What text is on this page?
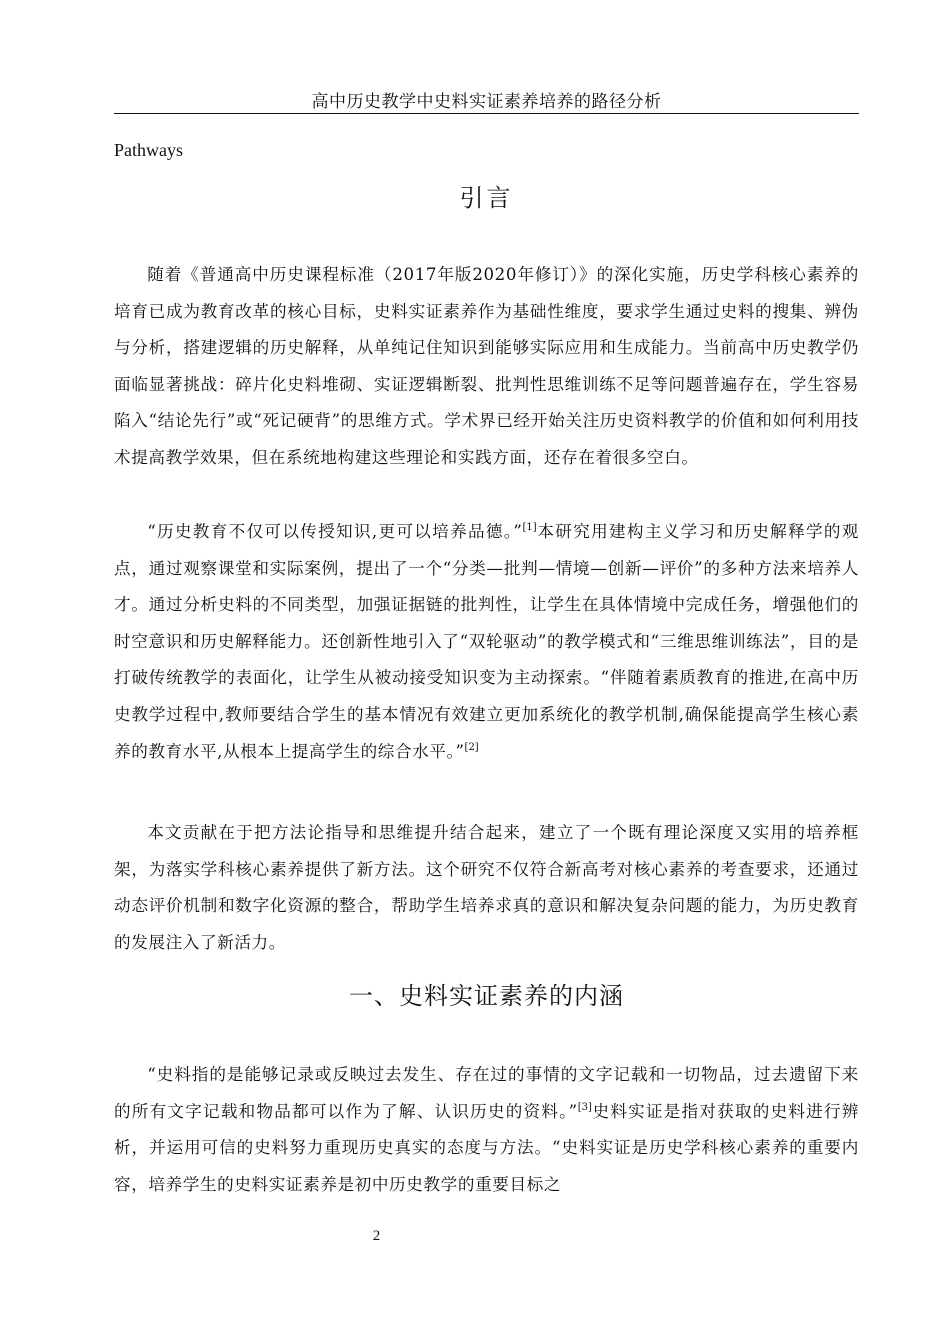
高中历史教学中史料实证素养培养的路径分析
Pathways
引言

随着《普通高中历史课程标准（2017年版2020年修订）》的深化实施，历史学科核心素养的培育已成为教育改革的核心目标，史料实证素养作为基础性维度，要求学生通过史料的搜集、辨伪与分析，搭建逻辑的历史解释，从单纯记住知识到能够实际应用和生成能力。当前高中历史教学仍面临显著挑战：碎片化史料堆砌、实证逻辑断裂、批判性思维训练不足等问题普遍存在，学生容易陷入“结论先行”或“死记硬背”的思维方式。学术界已经开始关注历史资料教学的价值和如何利用技术提高教学效果，但在系统地构建这些理论和实践方面，还存在着很多空白。

“历史教育不仅可以传授知识,更可以培养品德。”[1]本研究用建构主义学习和历史解释学的观点，通过观察课堂和实际案例，提出了一个“分类—批判—情境—创新—评价”的多种方法来培养人才。通过分析史料的不同类型，加强证据链的批判性，让学生在具体情境中完成任务，增强他们的时空意识和历史解释能力。还创新性地引入了“双轮驱动”的教学模式和“三维思维训练法”，目的是打破传统教学的表面化，让学生从被动接受知识变为主动探索。“伴随着素质教育的推进,在高中历史教学过程中,教师要结合学生的基本情况有效建立更加系统化的教学机制,确保能提高学生核心素养的教育水平,从根本上提高学生的综合水平。”[2]

本文贡献在于把方法论指导和思维提升结合起来，建立了一个既有理论深度又实用的培养框架，为落实学科核心素养提供了新方法。这个研究不仅符合新高考对核心素养的考查要求，还通过动态评价机制和数字化资源的整合，帮助学生培养求真的意识和解决复杂问题的能力，为历史教育的发展注入了新活力。

一、史料实证素养的内涵

“史料指的是能够记录或反映过去发生、存在过的事情的文字记载和一切物品，过去遗留下来的所有文字记载和物品都可以作为了解、认识历史的资料。”[3]史料实证是指对获取的史料进行辨析，并运用可信的史料努力重现历史真实的态度与方法。“史料实证是历史学科核心素养的重要内容，培养学生的史料实证素养是初中历史教学的重要目标之

2
